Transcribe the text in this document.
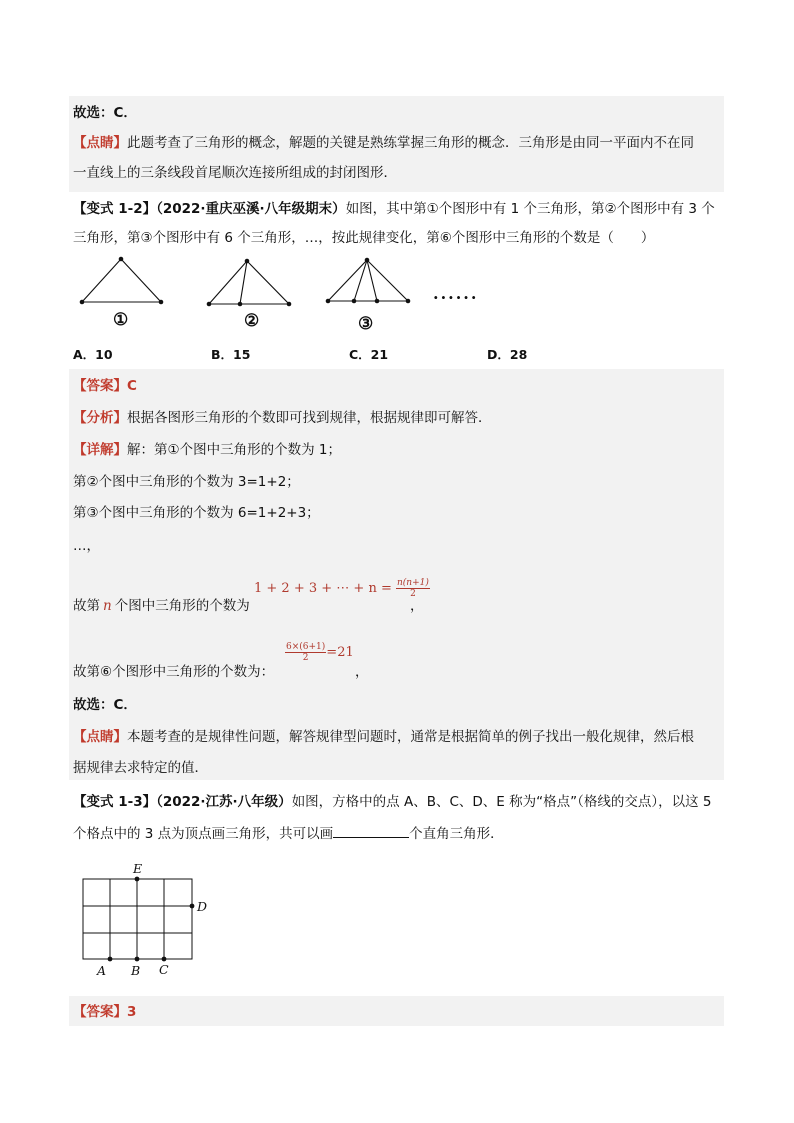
故选：C．
【点睛】此题考查了三角形的概念，解题的关键是熟练掌握三角形的概念．三角形是由同一平面内不在同
一直线上的三条线段首尾顺次连接所组成的封闭图形．
【变式 1-2】（2022·重庆巫溪·八年级期末）如图，其中第①个图形中有 1 个三角形，第②个图形中有 3 个
三角形，第③个图形中有 6 个三角形，…，按此规律变化，第⑥个图形中三角形的个数是（　　）
①	②	③
······
A．10	B．15	C．21	D．28
【答案】C
【分析】根据各图形三角形的个数即可找到规律，根据规律即可解答．
【详解】解：第①个图中三角形的个数为 1；
第②个图中三角形的个数为 3=1+2；
第③个图中三角形的个数为 6=1+2+3；
…，
故第 n 个图中三角形的个数为
1 + 2 + 3 + ⋯ + $n = \frac{n(n+1)}{2}$
，
故第⑥个图形中三角形的个数为：
$\frac{6\times(6+1)}{2} =21$
，
故选：C．
【点睛】本题考查的是规律性问题，解答规律型问题时，通常是根据简单的例子找出一般化规律，然后根
据规律去求特定的值．
【变式 1-3】（2022·江苏·八年级）如图，方格中的点 A、B、C、D、E 称为“格点”（格线的交点），以这 5
个格点中的 3 点为顶点画三角形，共可以画	个直角三角形．
A B C
D
E
【答案】3
